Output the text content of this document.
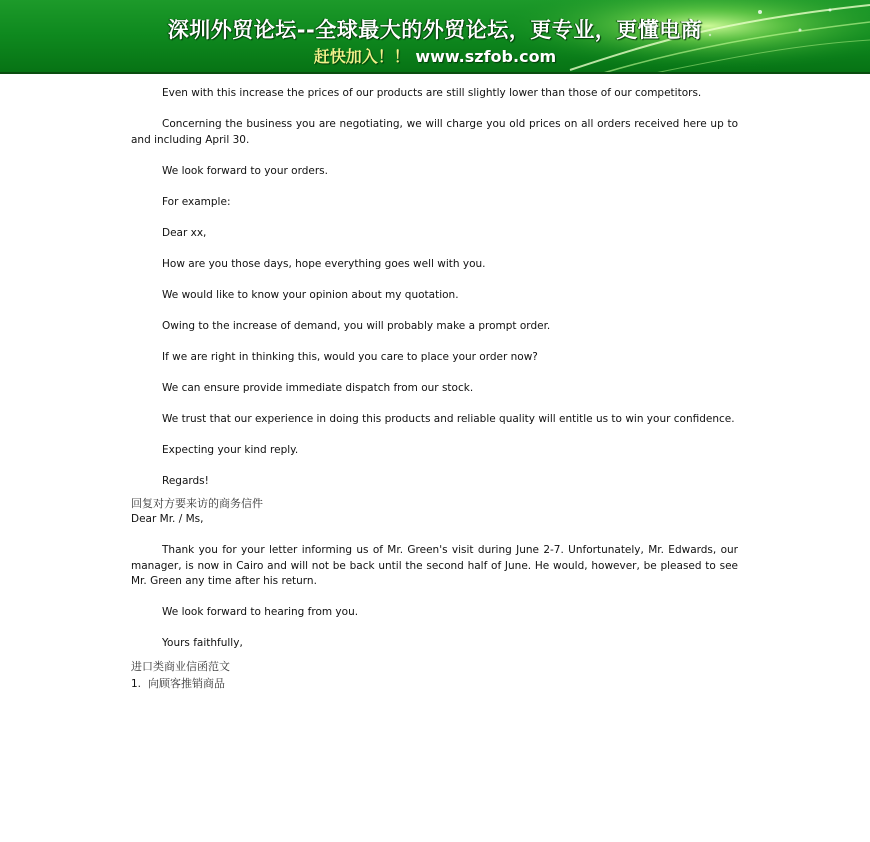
深圳外贸论坛--全球最大的外贸论坛，更专业，更懂电商
赶快加入！！ www.szfob.com

Even with this increase the prices of our products are still slightly lower than those of our competitors.

Concerning the business you are negotiating, we will charge you old prices on all orders received here up to and including April 30.

We look forward to your orders.

For example:

Dear xx,

How are you those days, hope everything goes well with you.

We would like to know your opinion about my quotation.

Owing to the increase of demand, you will probably make a prompt order.

If we are right in thinking this, would you care to place your order now?

We can ensure provide immediate dispatch from our stock.

We trust that our experience in doing this products and reliable quality will entitle us to win your confidence.

Expecting your kind reply.

Regards!

回复对方要来访的商务信件

Dear Mr. / Ms,

Thank you for your letter informing us of Mr. Green's visit during June 2-7. Unfortunately, Mr. Edwards, our manager, is now in Cairo and will not be back until the second half of June. He would, however, be pleased to see Mr. Green any time after his return.

We look forward to hearing from you.

Yours faithfully,

进口类商业信函范文

1. 向顾客推销商品
